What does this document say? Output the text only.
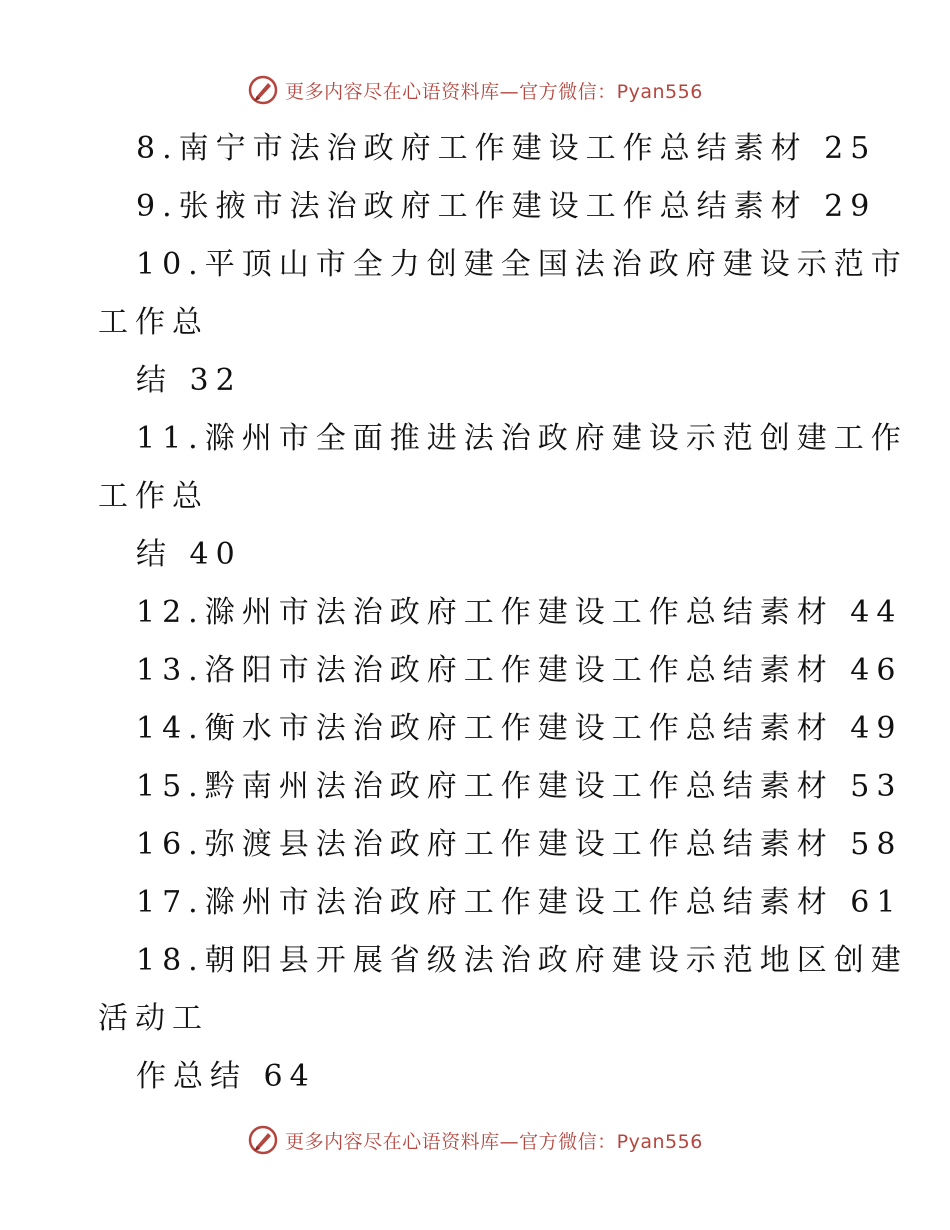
更多内容尽在心语资料库—官方微信：Pyan556
8.南宁市法治政府工作建设工作总结素材 25
9.张掖市法治政府工作建设工作总结素材 29
10.平顶山市全力创建全国法治政府建设示范市
工作总
结 32
11.滁州市全面推进法治政府建设示范创建工作
工作总
结 40
12.滁州市法治政府工作建设工作总结素材 44
13.洛阳市法治政府工作建设工作总结素材 46
14.衡水市法治政府工作建设工作总结素材 49
15.黔南州法治政府工作建设工作总结素材 53
16.弥渡县法治政府工作建设工作总结素材 58
17.滁州市法治政府工作建设工作总结素材 61
18.朝阳县开展省级法治政府建设示范地区创建
活动工
作总结 64
更多内容尽在心语资料库—官方微信：Pyan556
